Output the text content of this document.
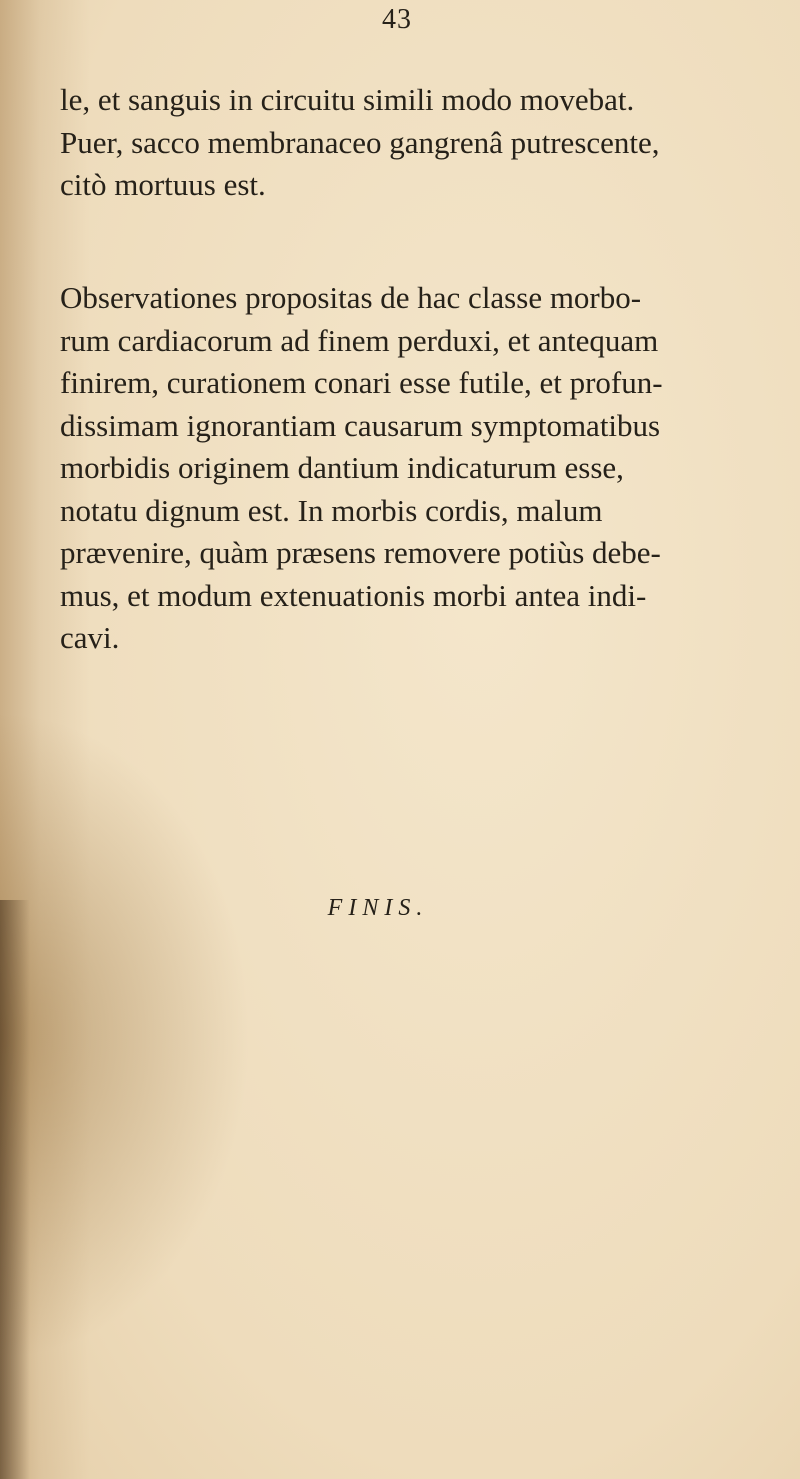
43

le, et sanguis in circuitu simili modo movebat.
Puer, sacco membranaceo gangrenâ putrescente,
citò mortuus est.

Observationes propositas de hac classe morbo-
rum cardiacorum ad finem perduxi, et antequam
finirem, curationem conari esse futile, et profun-
dissimam ignorantiam causarum symptomatibus
morbidis originem dantium indicaturum esse,
notatu dignum est. In morbis cordis, malum
prævenire, quàm præsens removere potiùs debe-
mus, et modum extenuationis morbi antea indi-
cavi.

FINIS.
